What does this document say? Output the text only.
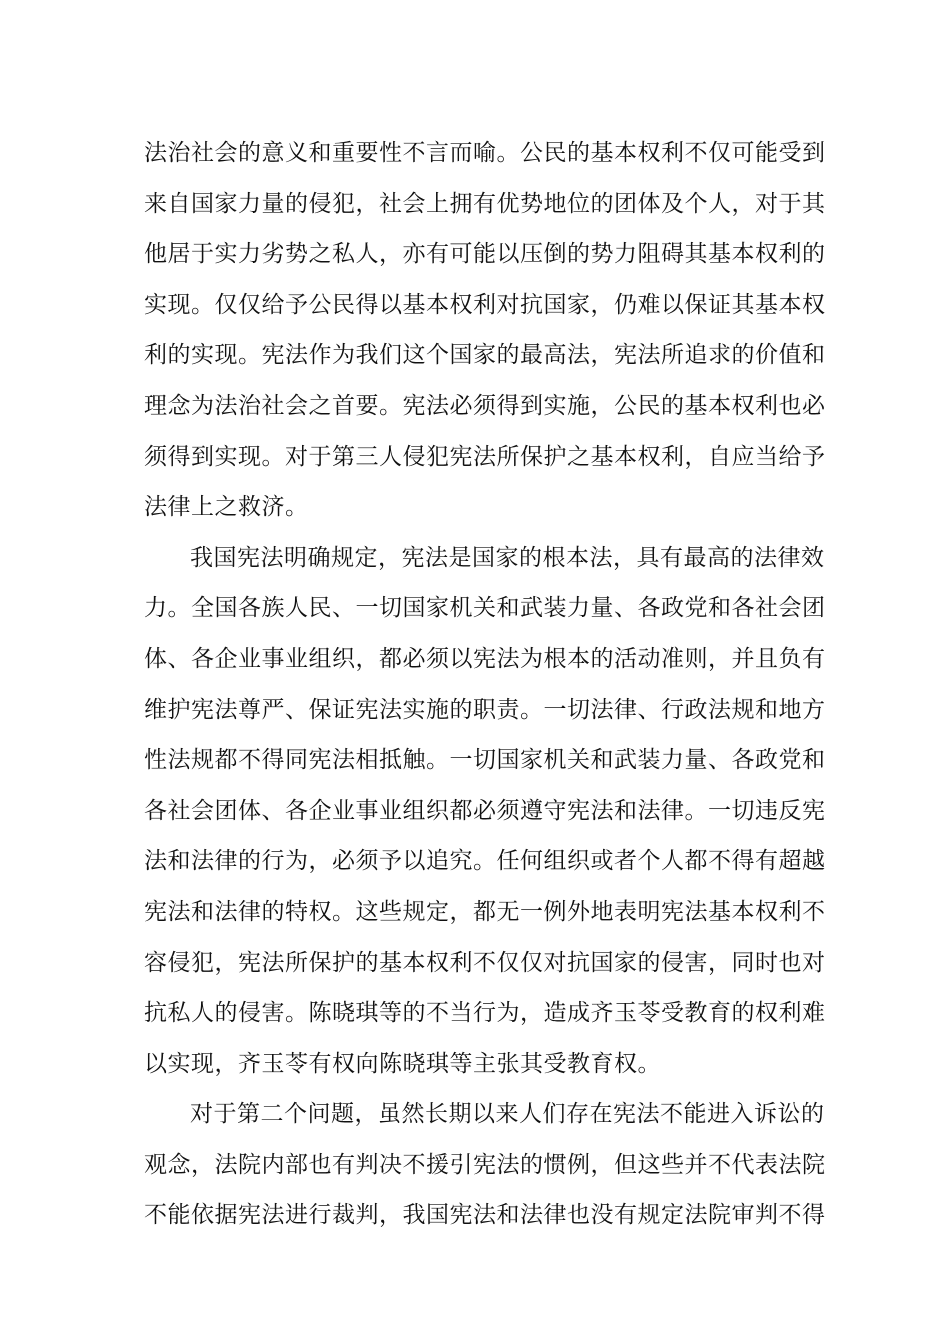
法治社会的意义和重要性不言而喻。公民的基本权利不仅可能受到
来自国家力量的侵犯，社会上拥有优势地位的团体及个人，对于其
他居于实力劣势之私人，亦有可能以压倒的势力阻碍其基本权利的
实现。仅仅给予公民得以基本权利对抗国家，仍难以保证其基本权
利的实现。宪法作为我们这个国家的最高法，宪法所追求的价值和
理念为法治社会之首要。宪法必须得到实施，公民的基本权利也必
须得到实现。对于第三人侵犯宪法所保护之基本权利，自应当给予
法律上之救济。
我国宪法明确规定，宪法是国家的根本法，具有最高的法律效
力。全国各族人民、一切国家机关和武装力量、各政党和各社会团
体、各企业事业组织，都必须以宪法为根本的活动准则，并且负有
维护宪法尊严、保证宪法实施的职责。一切法律、行政法规和地方
性法规都不得同宪法相抵触。一切国家机关和武装力量、各政党和
各社会团体、各企业事业组织都必须遵守宪法和法律。一切违反宪
法和法律的行为，必须予以追究。任何组织或者个人都不得有超越
宪法和法律的特权。这些规定，都无一例外地表明宪法基本权利不
容侵犯，宪法所保护的基本权利不仅仅对抗国家的侵害，同时也对
抗私人的侵害。陈晓琪等的不当行为，造成齐玉苓受教育的权利难
以实现，齐玉苓有权向陈晓琪等主张其受教育权。
对于第二个问题，虽然长期以来人们存在宪法不能进入诉讼的
观念，法院内部也有判决不援引宪法的惯例，但这些并不代表法院
不能依据宪法进行裁判，我国宪法和法律也没有规定法院审判不得
